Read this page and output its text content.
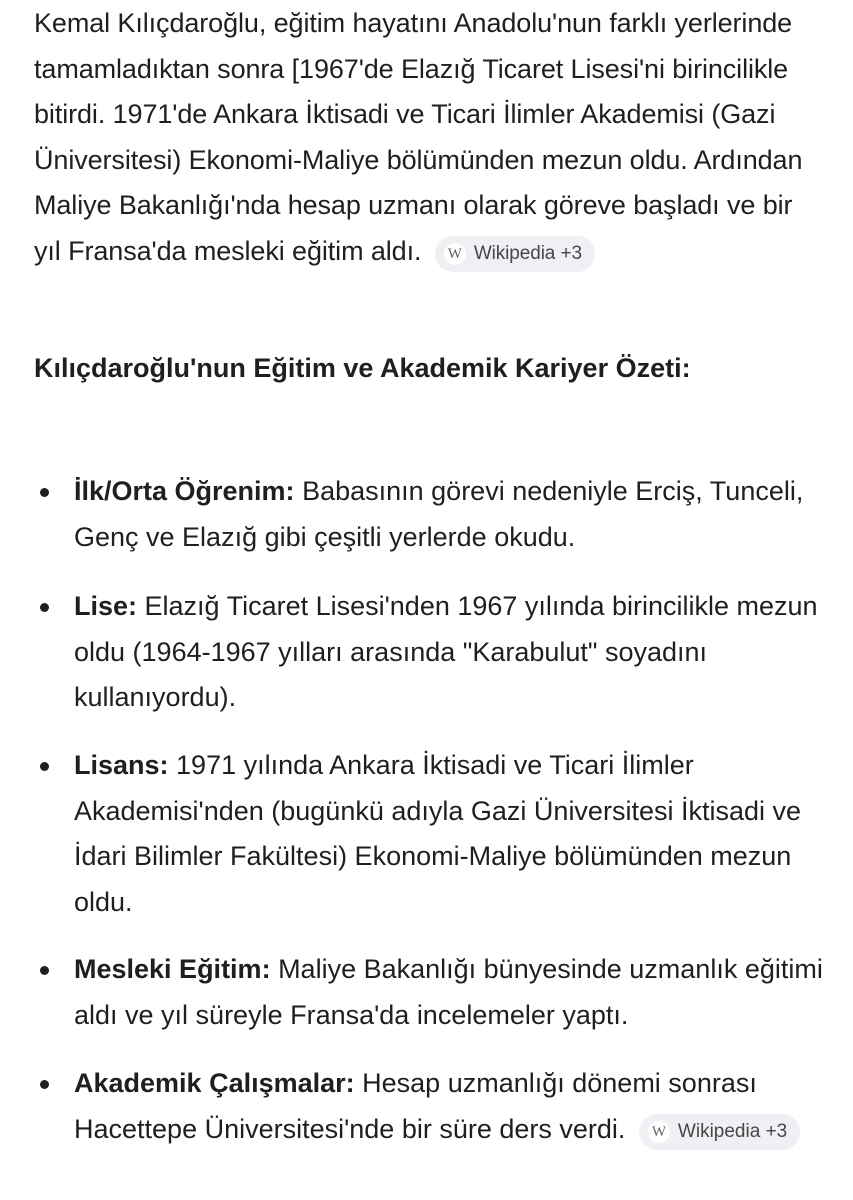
Kemal Kılıçdaroğlu, eğitim hayatını Anadolu'nun farklı yerlerinde tamamladıktan sonra [1967'de Elazığ Ticaret Lisesi'ni birincilikle bitirdi. 1971'de Ankara İktisadi ve Ticari İlimler Akademisi (Gazi Üniversitesi) Ekonomi-Maliye bölümünden mezun oldu. Ardından Maliye Bakanlığı'nda hesap uzmanı olarak göreve başladı ve bir yıl Fransa'da mesleki eğitim aldı. W Wikipedia +3

Kılıçdaroğlu'nun Eğitim ve Akademik Kariyer Özeti:
İlk/Orta Öğrenim: Babasının görevi nedeniyle Erciş, Tunceli, Genç ve Elazığ gibi çeşitli yerlerde okudu.
Lise: Elazığ Ticaret Lisesi'nden 1967 yılında birincilikle mezun oldu (1964-1967 yılları arasında "Karabulut" soyadını kullanıyordu).
Lisans: 1971 yılında Ankara İktisadi ve Ticari İlimler Akademisi'nden (bugünkü adıyla Gazi Üniversitesi İktisadi ve İdari Bilimler Fakültesi) Ekonomi-Maliye bölümünden mezun oldu.
Mesleki Eğitim: Maliye Bakanlığı bünyesinde uzmanlık eğitimi aldı ve yıl süreyle Fransa'da incelemeler yaptı.
Akademik Çalışmalar: Hesap uzmanlığı dönemi sonrası Hacettepe Üniversitesi'nde bir süre ders verdi. W Wikipedia +3
